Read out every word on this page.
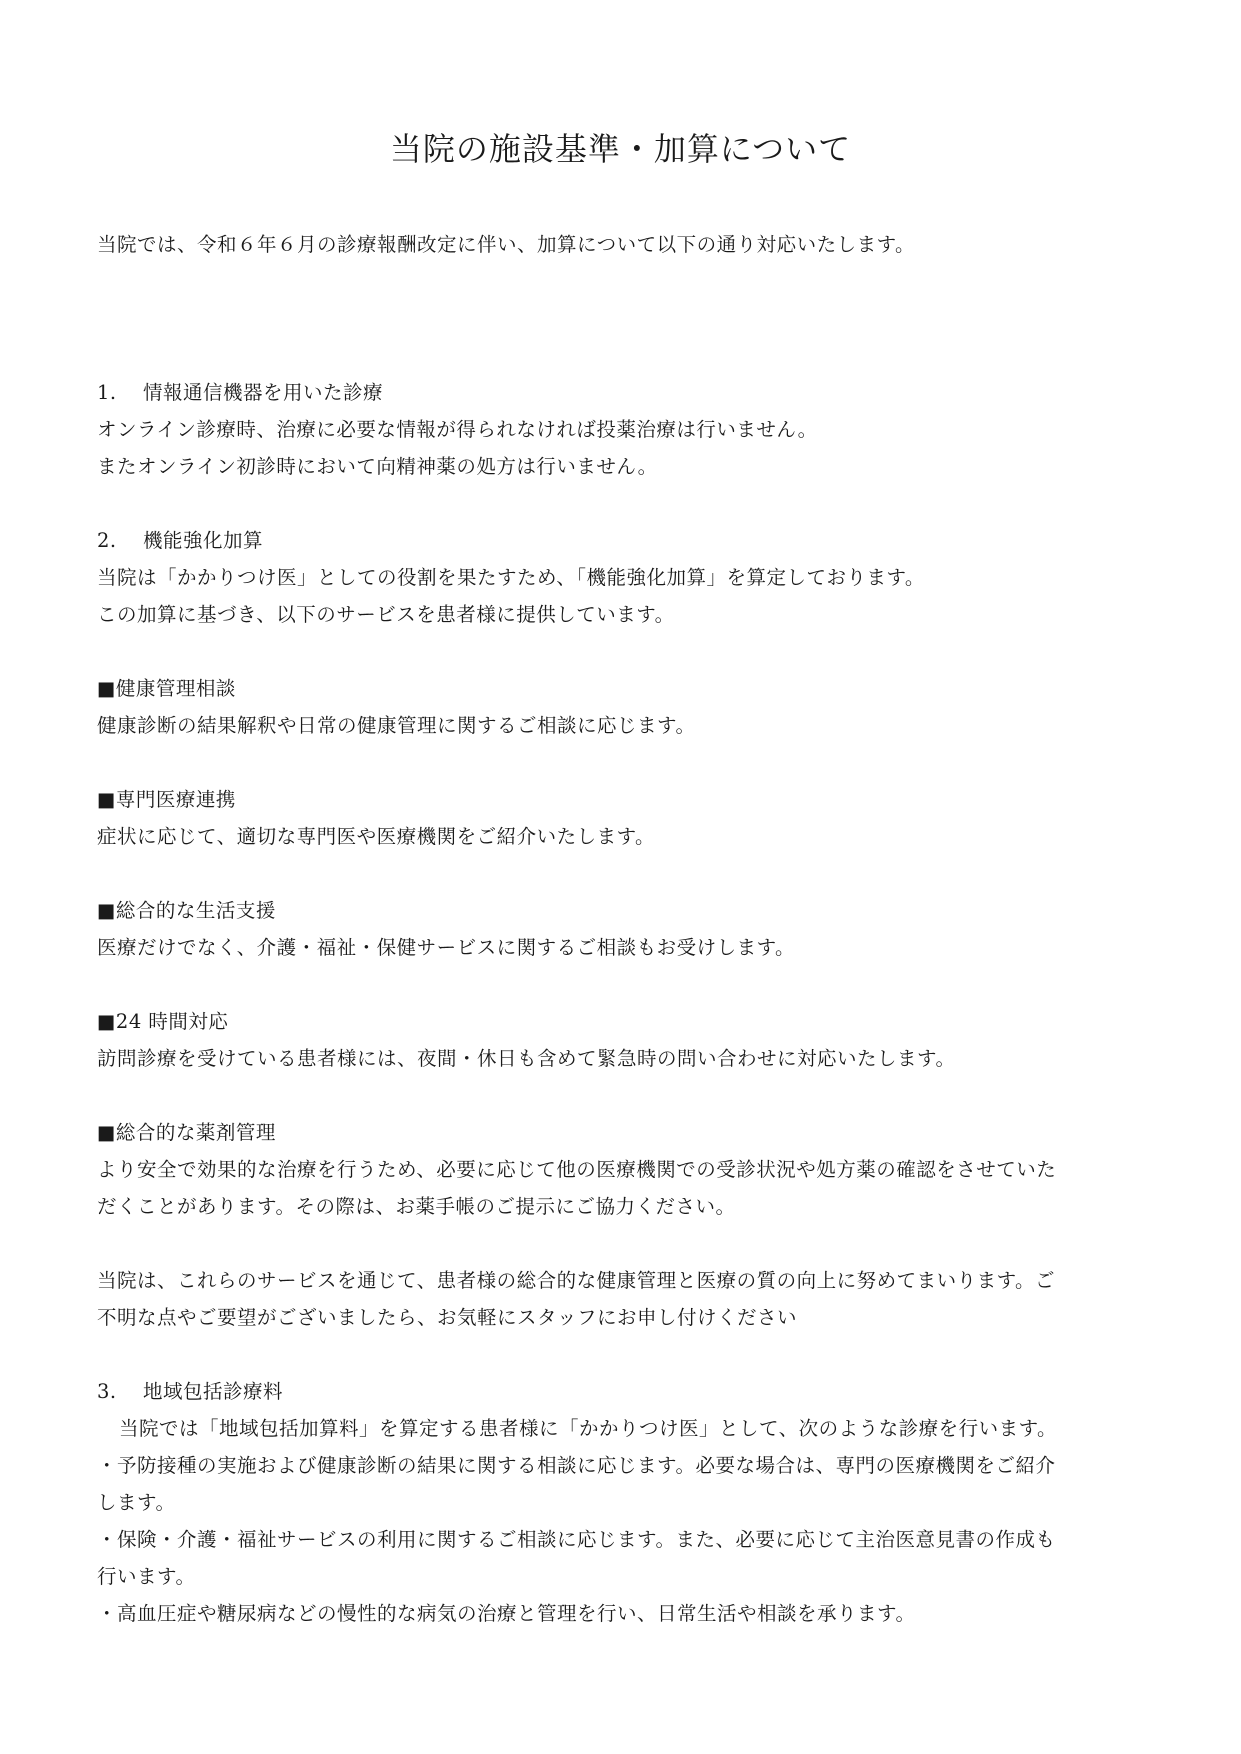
当院の施設基準・加算について

当院では、令和６年６月の診療報酬改定に伴い、加算について以下の通り対応いたします。

1. 情報通信機器を用いた診療

オンライン診療時、治療に必要な情報が得られなければ投薬治療は行いません。

またオンライン初診時において向精神薬の処方は行いません。

2. 機能強化加算

当院は「かかりつけ医」としての役割を果たすため、「機能強化加算」を算定しております。

この加算に基づき、以下のサービスを患者様に提供しています。

■健康管理相談

健康診断の結果解釈や日常の健康管理に関するご相談に応じます。

■専門医療連携

症状に応じて、適切な専門医や医療機関をご紹介いたします。

■総合的な生活支援

医療だけでなく、介護・福祉・保健サービスに関するご相談もお受けします。

■24 時間対応

訪問診療を受けている患者様には、夜間・休日も含めて緊急時の問い合わせに対応いたします。

■総合的な薬剤管理

より安全で効果的な治療を行うため、必要に応じて他の医療機関での受診状況や処方薬の確認をさせていた

だくことがあります。その際は、お薬手帳のご提示にご協力ください。

当院は、これらのサービスを通じて、患者様の総合的な健康管理と医療の質の向上に努めてまいります。ご

不明な点やご要望がございましたら、お気軽にスタッフにお申し付けください

3. 地域包括診療料

当院では「地域包括加算料」を算定する患者様に「かかりつけ医」として、次のような診療を行います。

・予防接種の実施および健康診断の結果に関する相談に応じます。必要な場合は、専門の医療機関をご紹介

します。

・保険・介護・福祉サービスの利用に関するご相談に応じます。また、必要に応じて主治医意見書の作成も

行います。

・高血圧症や糖尿病などの慢性的な病気の治療と管理を行い、日常生活や相談を承ります。
